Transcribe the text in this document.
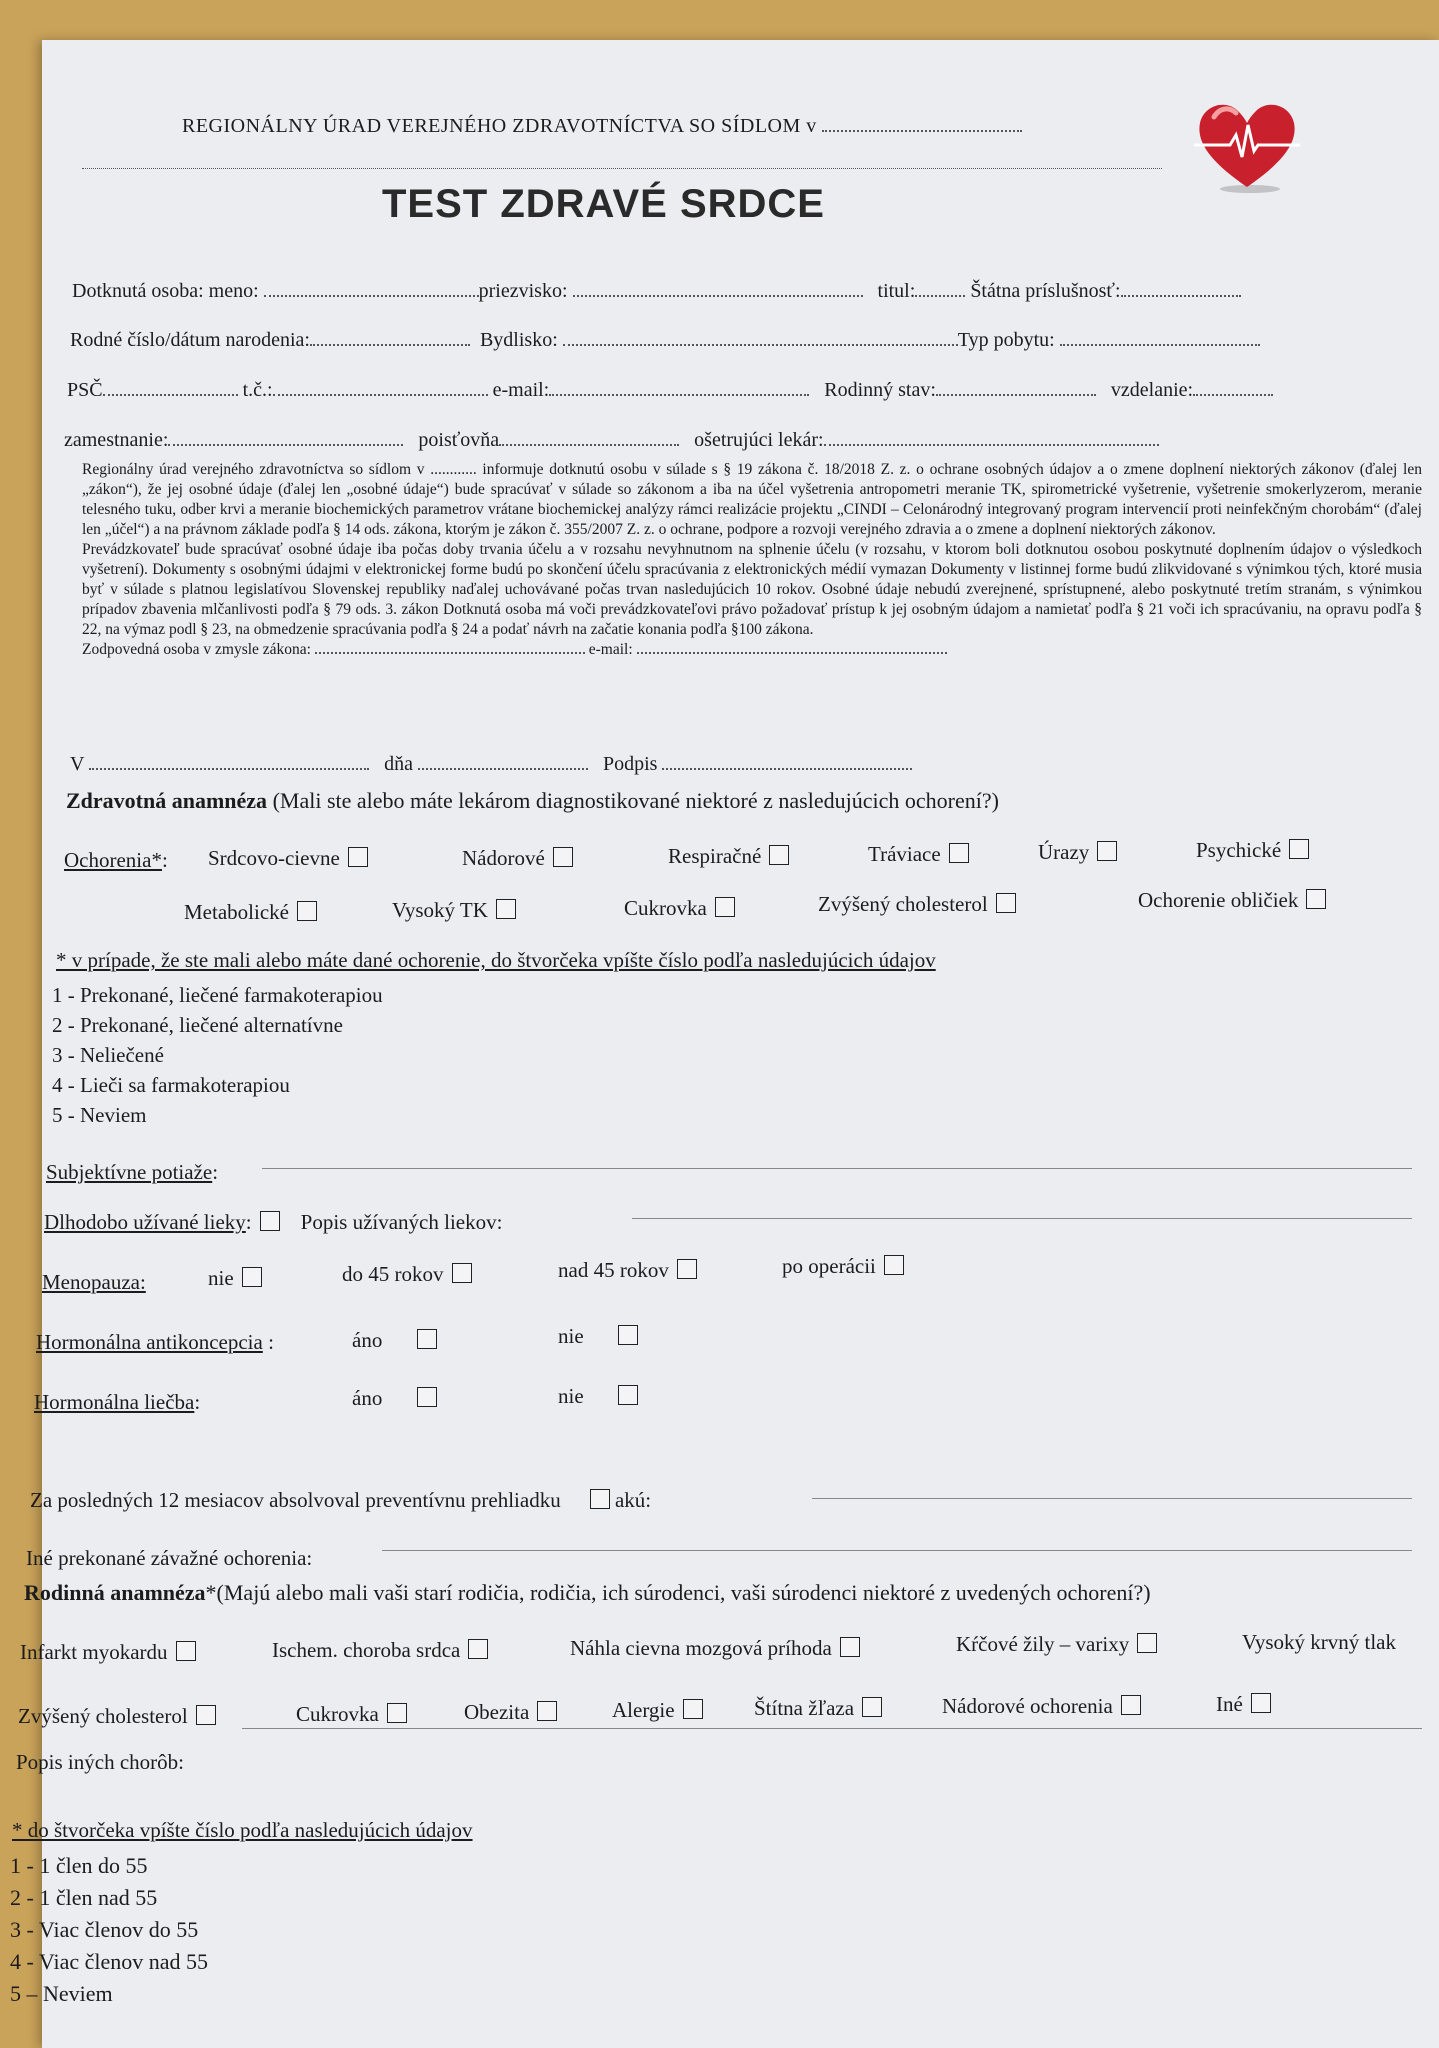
REGIONÁLNY ÚRAD VEREJNÉHO ZDRAVOTNÍCTVA SO SÍDLOM v
TEST ZDRAVÉ SRDCE
Dotknutá osoba: meno:	priezvisko:	titul:	Štátna príslušnosť:
Rodné číslo/dátum narodenia:	Bydlisko:	Typ pobytu:
PSČ	t.č.:	e-mail:	Rodinný stav:	vzdelanie:
zamestnanie:	poisťovňa	ošetrujúci lekár:

Regionálny úrad verejného zdravotníctva so sídlom v ............ informuje dotknutú osobu v súlade s § 19 zákona č. 18/2018 Z. z. o ochrane osobných údajov a o zmene doplnení niektorých zákonov (ďalej len „zákon“), že jej osobné údaje (ďalej len „osobné údaje“) bude spracúvať v súlade so zákonom a iba na účel vyšetrenia antropometri meranie TK, spirometrické vyšetrenie, vyšetrenie smokerlyzerom, meranie telesného tuku, odber krvi a meranie biochemických parametrov vrátane biochemickej analýzy rámci realizácie projektu „CINDI – Celonárodný integrovaný program intervencií proti neinfekčným chorobám“ (ďalej len „účel“) a na právnom základe podľa § 14 ods. zákona, ktorým je zákon č. 355/2007 Z. z. o ochrane, podpore a rozvoji verejného zdravia a o zmene a doplnení niektorých zákonov.

Prevádzkovateľ bude spracúvať osobné údaje iba počas doby trvania účelu a v rozsahu nevyhnutnom na splnenie účelu (v rozsahu, v ktorom boli dotknutou osobou poskytnuté doplnením údajov o výsledkoch vyšetrení). Dokumenty s osobnými údajmi v elektronickej forme budú po skončení účelu spracúvania z elektronických médií vymazan Dokumenty v listinnej forme budú zlikvidované s výnimkou tých, ktoré musia byť v súlade s platnou legislatívou Slovenskej republiky naďalej uchovávané počas trvan nasledujúcich 10 rokov. Osobné údaje nebudú zverejnené, sprístupnené, alebo poskytnuté tretím stranám, s výnimkou prípadov zbavenia mlčanlivosti podľa § 79 ods. 3. zákon Dotknutá osoba má voči prevádzkovateľovi právo požadovať prístup k jej osobným údajom a namietať podľa § 21 voči ich spracúvaniu, na opravu podľa § 22, na výmaz podl § 23, na obmedzenie spracúvania podľa § 24 a podať návrh na začatie konania podľa §100 zákona.

Zodpovedná osoba v zmysle zákona:	e-mail:
V	dňa	Podpis
Zdravotná anamnéza (Mali ste alebo máte lekárom diagnostikované niektoré z nasledujúcich ochorení?)
Ochorenia*: Srdcovo-cievne	Nádorové	Respiračné	Tráviace	Úrazy	Psychické
Metabolické	Vysoký TK	Cukrovka	Zvýšený cholesterol	Ochorenie obličiek
* v prípade, že ste mali alebo máte dané ochorenie, do štvorčeka vpíšte číslo podľa nasledujúcich údajov
1 - Prekonané, liečené farmakoterapiou
2 - Prekonané, liečené alternatívne
3 - Neliečené
4 - Lieči sa farmakoterapiou
5 - Neviem
Subjektívne potiaže:
Dlhodobo užívané lieky: Popis užívaných liekov:
Menopauza:	nie	do 45 rokov	nad 45 rokov	po operácii
Hormonálna antikoncepcia :	áno	nie
Hormonálna liečba:	áno	nie
Za posledných 12 mesiacov absolvoval preventívnu prehliadku	akú:
Iné prekonané závažné ochorenia:
Rodinná anamnéza*(Majú alebo mali vaši starí rodičia, rodičia, ich súrodenci, vaši súrodenci niektoré z uvedených ochorení?)
Infarkt myokardu	Ischem. choroba srdca	Náhla cievna mozgová príhoda	Kŕčové žily – varixy	Vysoký krvný tlak
Zvýšený cholesterol	Cukrovka	Obezita	Alergie	Štítna žľaza	Nádorové ochorenia	Iné
Popis iných chorôb:
* do štvorčeka vpíšte číslo podľa nasledujúcich údajov
1 - 1 člen do 55
2 - 1 člen nad 55
3 - Viac členov do 55
4 - Viac členov nad 55
5 – Neviem
